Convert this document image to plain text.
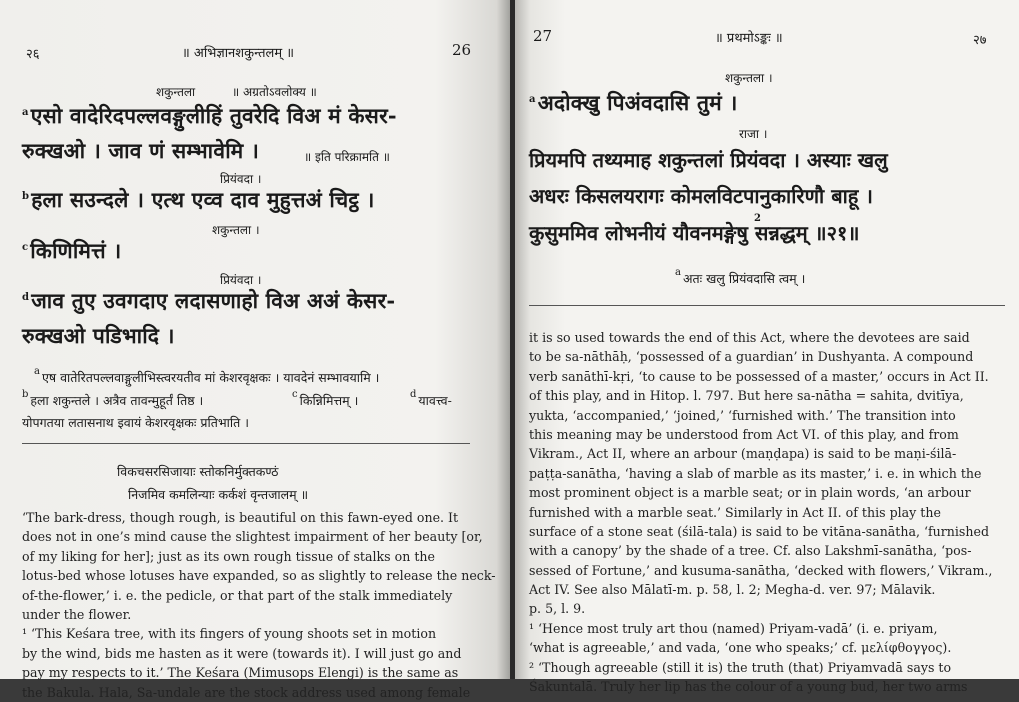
२६	॥ अभिज्ञानशकुन्तलम् ॥	26
शकुन्तला	॥ अग्रतोऽवलोक्य ॥
$^a$एसो वादेरिदपल्लवङ्गुलीहिं तुवरेदि विअ मं केसर-
रुक्खओ । जाव णं सम्भावेमि ।	॥ इति परिक्रामति ॥
प्रियंवदा ।
$^b$हला सउन्दले । एत्थ एव्व दाव मुहुत्तअं चिट्ठ ।
शकुन्तला ।
$^c$किणिमित्तं ।
प्रियंवदा ।
$^d$जाव तुए उवगदाए लदासणाहो विअ अअं केसर-
रुक्खओ पडिभादि ।
$^a$ एष वातेरितपल्लवाङ्गुलीभिस्त्वरयतीव मां केशरवृक्षकः । यावदेनं सम्भावयामि ।
$^b$ हला शकुन्तले । अत्रैव तावन्मुहूर्तं तिष्ठ ।	$^c$ किन्निमित्तम् ।	$^d$ यावत्त्व-
योपगतया लतासनाथ इवायं केशरवृक्षकः प्रतिभाति ।
विकचसरसिजायाः स्तोकनिर्मुक्तकण्ठं
निजमिव कमलिन्याः कर्कशं वृन्तजालम् ॥
‘The bark-dress, though rough, is beautiful on this fawn-eyed one. It
does not in one’s mind cause the slightest impairment of her beauty [or,
of my liking for her]; just as its own rough tissue of stalks on the
lotus-bed whose lotuses have expanded, so as slightly to release the neck-
of-the-flower,’ i. e. the pedicle, or that part of the stalk immediately
under the flower.
¹ ‘This Keśara tree, with its fingers of young shoots set in motion
by the wind, bids me hasten as it were (towards it). I will just go and
pay my respects to it.’ The Keśara (Mimusops Elengi) is the same as
the Bakula. Hala, Sa-undale are the stock address used among female
27	॥ प्रथमोऽङ्कः ॥	२७
शकुन्तला ।
$^a$अदोक्खु पिअंवदासि तुमं ।
राजा ।
प्रियमपि तथ्यमाह शकुन्तलां प्रियंवदा । अस्याः खलु
अधरः किसलयरागः कोमलविटपानुकारिणौ बाहू ।
कुसुममिव लोभनीयं यौवनमङ्गेषु सन्नद्धम् ॥२१॥
2
$^a$ अतः खलु प्रियंवदासि त्वम् ।
it is so used towards the end of this Act, where the devotees are said
to be sa-nāthāḥ, ‘possessed of a guardian’ in Dushyanta. A compound
verb sanāthī-kṛi, ‘to cause to be possessed of a master,’ occurs in Act II.
of this play, and in Hitop. l. 797. But here sa-nātha = sahita, dvitīya,
yukta, ‘accompanied,’ ‘joined,’ ‘furnished with.’ The transition into
this meaning may be understood from Act VI. of this play, and from
Vikram., Act II, where an arbour (maṇḍapa) is said to be maṇi-śilā-
paṭṭa-sanātha, ‘having a slab of marble as its master,’ i. e. in which the
most prominent object is a marble seat; or in plain words, ‘an arbour
furnished with a marble seat.’ Similarly in Act II. of this play the
surface of a stone seat (śilā-tala) is said to be vitāna-sanātha, ‘furnished
with a canopy’ by the shade of a tree. Cf. also Lakshmī-sanātha, ‘pos-
sessed of Fortune,’ and kusuma-sanātha, ‘decked with flowers,’ Vikram.,
Act IV. See also Mālatī-m. p. 58, l. 2; Megha-d. ver. 97; Mālavik.
p. 5, l. 9.
¹ ‘Hence most truly art thou (named) Priyam-vadā’ (i. e. priyam,
‘what is agreeable,’ and vada, ‘one who speaks;’ cf. μελίφθογγος).
² ‘Though agreeable (still it is) the truth (that) Priyamvadā says to
Śakuntalā. Truly her lip has the colour of a young bud, her two arms
